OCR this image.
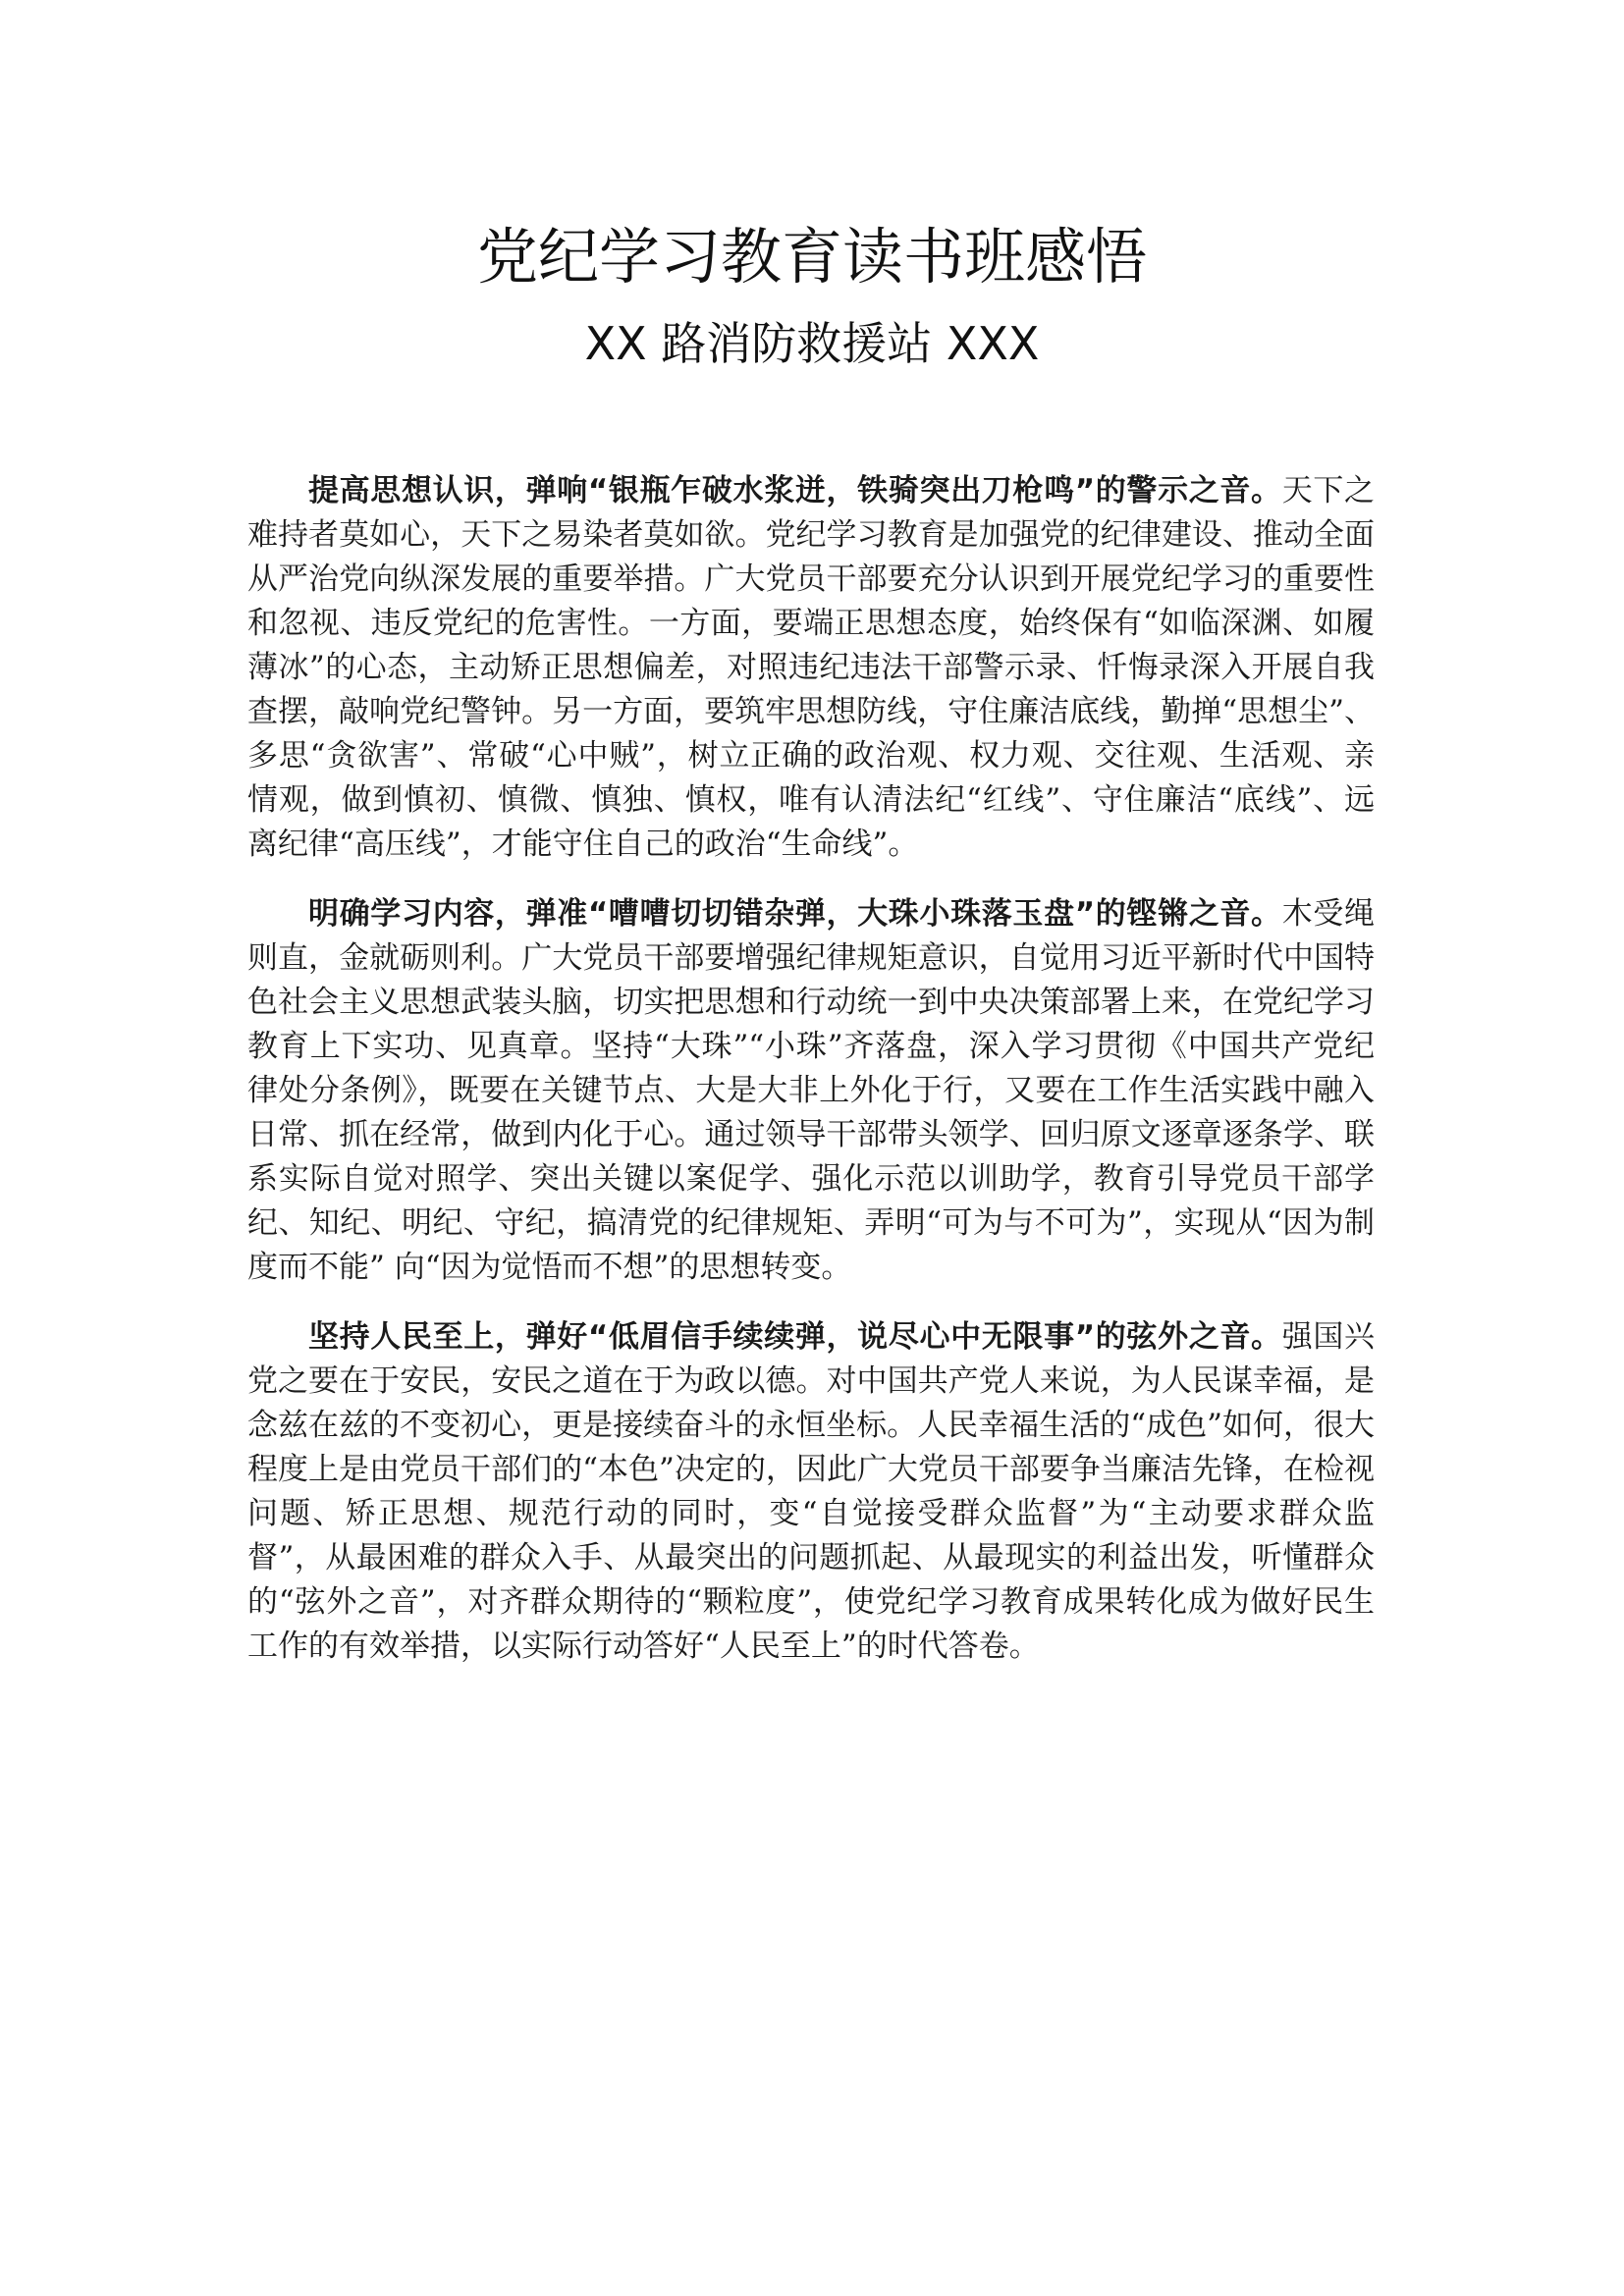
党纪学习教育读书班感悟
XX 路消防救援站 XXX

提高思想认识，弹响“银瓶乍破水浆迸，铁骑突出刀枪鸣”的警示之音。天下之难持者莫如心，天下之易染者莫如欲。党纪学习教育是加强党的纪律建设、推动全面从严治党向纵深发展的重要举措。广大党员干部要充分认识到开展党纪学习的重要性和忽视、违反党纪的危害性。一方面，要端正思想态度，始终保有“如临深渊、如履薄冰”的心态，主动矫正思想偏差，对照违纪违法干部警示录、忏悔录深入开展自我查摆，敲响党纪警钟。另一方面，要筑牢思想防线，守住廉洁底线，勤掸“思想尘”、多思“贪欲害”、常破“心中贼”，树立正确的政治观、权力观、交往观、生活观、亲情观，做到慎初、慎微、慎独、慎权，唯有认清法纪“红线”、守住廉洁“底线”、远离纪律“高压线”，才能守住自己的政治“生命线”。

明确学习内容，弹准“嘈嘈切切错杂弹，大珠小珠落玉盘”的铿锵之音。木受绳则直，金就砺则利。广大党员干部要增强纪律规矩意识，自觉用习近平新时代中国特色社会主义思想武装头脑，切实把思想和行动统一到中央决策部署上来，在党纪学习教育上下实功、见真章。坚持“大珠”“小珠”齐落盘，深入学习贯彻《中国共产党纪律处分条例》，既要在关键节点、大是大非上外化于行，又要在工作生活实践中融入日常、抓在经常，做到内化于心。通过领导干部带头领学、回归原文逐章逐条学、联系实际自觉对照学、突出关键以案促学、强化示范以训助学，教育引导党员干部学纪、知纪、明纪、守纪，搞清党的纪律规矩、弄明“可为与不可为”，实现从“因为制度而不能” 向“因为觉悟而不想”的思想转变。

坚持人民至上，弹好“低眉信手续续弹，说尽心中无限事”的弦外之音。强国兴党之要在于安民，安民之道在于为政以德。对中国共产党人来说，为人民谋幸福，是念兹在兹的不变初心，更是接续奋斗的永恒坐标。人民幸福生活的“成色”如何，很大程度上是由党员干部们的“本色”决定的，因此广大党员干部要争当廉洁先锋，在检视问题、矫正思想、规范行动的同时，变“自觉接受群众监督”为“主动要求群众监督”，从最困难的群众入手、从最突出的问题抓起、从最现实的利益出发，听懂群众的“弦外之音”，对齐群众期待的“颗粒度”，使党纪学习教育成果转化成为做好民生工作的有效举措，以实际行动答好“人民至上”的时代答卷。
